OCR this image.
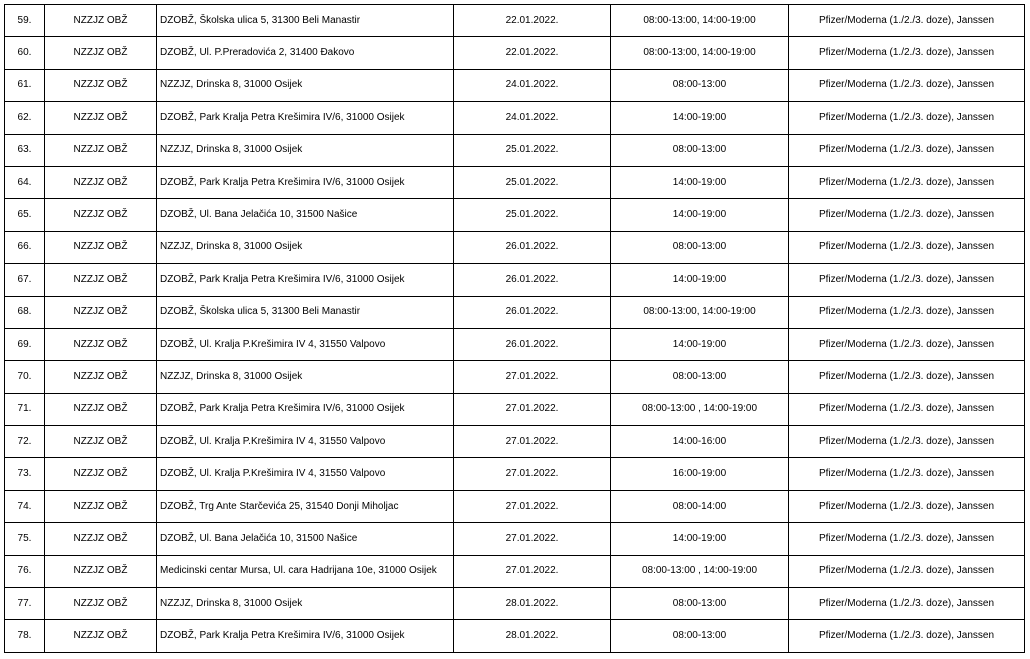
59.	NZZJZ OBŽ	DZOBŽ, Školska ulica 5, 31300 Beli Manastir	22.01.2022.	08:00-13:00, 14:00-19:00	Pfizer/Moderna (1./2./3. doze), Janssen
60.	NZZJZ OBŽ	DZOBŽ, Ul. P.Preradovića 2, 31400 Đakovo	22.01.2022.	08:00-13:00, 14:00-19:00	Pfizer/Moderna (1./2./3. doze), Janssen
61.	NZZJZ OBŽ	NZZJZ, Drinska 8, 31000 Osijek	24.01.2022.	08:00-13:00	Pfizer/Moderna (1./2./3. doze), Janssen
62.	NZZJZ OBŽ	DZOBŽ, Park Kralja Petra Krešimira IV/6, 31000 Osijek	24.01.2022.	14:00-19:00	Pfizer/Moderna (1./2./3. doze), Janssen
63.	NZZJZ OBŽ	NZZJZ, Drinska 8, 31000 Osijek	25.01.2022.	08:00-13:00	Pfizer/Moderna (1./2./3. doze), Janssen
64.	NZZJZ OBŽ	DZOBŽ, Park Kralja Petra Krešimira IV/6, 31000 Osijek	25.01.2022.	14:00-19:00	Pfizer/Moderna (1./2./3. doze), Janssen
65.	NZZJZ OBŽ	DZOBŽ, Ul. Bana Jelačića 10, 31500 Našice	25.01.2022.	14:00-19:00	Pfizer/Moderna (1./2./3. doze), Janssen
66.	NZZJZ OBŽ	NZZJZ, Drinska 8, 31000 Osijek	26.01.2022.	08:00-13:00	Pfizer/Moderna (1./2./3. doze), Janssen
67.	NZZJZ OBŽ	DZOBŽ, Park Kralja Petra Krešimira IV/6, 31000 Osijek	26.01.2022.	14:00-19:00	Pfizer/Moderna (1./2./3. doze), Janssen
68.	NZZJZ OBŽ	DZOBŽ, Školska ulica 5, 31300 Beli Manastir	26.01.2022.	08:00-13:00, 14:00-19:00	Pfizer/Moderna (1./2./3. doze), Janssen
69.	NZZJZ OBŽ	DZOBŽ, Ul. Kralja P.Krešimira IV 4, 31550 Valpovo	26.01.2022.	14:00-19:00	Pfizer/Moderna (1./2./3. doze), Janssen
70.	NZZJZ OBŽ	NZZJZ, Drinska 8, 31000 Osijek	27.01.2022.	08:00-13:00	Pfizer/Moderna (1./2./3. doze), Janssen
71.	NZZJZ OBŽ	DZOBŽ, Park Kralja Petra Krešimira IV/6, 31000 Osijek	27.01.2022.	08:00-13:00 , 14:00-19:00	Pfizer/Moderna (1./2./3. doze), Janssen
72.	NZZJZ OBŽ	DZOBŽ, Ul. Kralja P.Krešimira IV 4, 31550 Valpovo	27.01.2022.	14:00-16:00	Pfizer/Moderna (1./2./3. doze), Janssen
73.	NZZJZ OBŽ	DZOBŽ, Ul. Kralja P.Krešimira IV 4, 31550 Valpovo	27.01.2022.	16:00-19:00	Pfizer/Moderna (1./2./3. doze), Janssen
74.	NZZJZ OBŽ	DZOBŽ, Trg Ante Starčevića 25, 31540 Donji Miholjac	27.01.2022.	08:00-14:00	Pfizer/Moderna (1./2./3. doze), Janssen
75.	NZZJZ OBŽ	DZOBŽ, Ul. Bana Jelačića 10, 31500 Našice	27.01.2022.	14:00-19:00	Pfizer/Moderna (1./2./3. doze), Janssen
76.	NZZJZ OBŽ	Medicinski centar Mursa, Ul. cara Hadrijana 10e, 31000 Osijek	27.01.2022.	08:00-13:00 , 14:00-19:00	Pfizer/Moderna (1./2./3. doze), Janssen
77.	NZZJZ OBŽ	NZZJZ, Drinska 8, 31000 Osijek	28.01.2022.	08:00-13:00	Pfizer/Moderna (1./2./3. doze), Janssen
78.	NZZJZ OBŽ	DZOBŽ, Park Kralja Petra Krešimira IV/6, 31000 Osijek	28.01.2022.	08:00-13:00	Pfizer/Moderna (1./2./3. doze), Janssen
